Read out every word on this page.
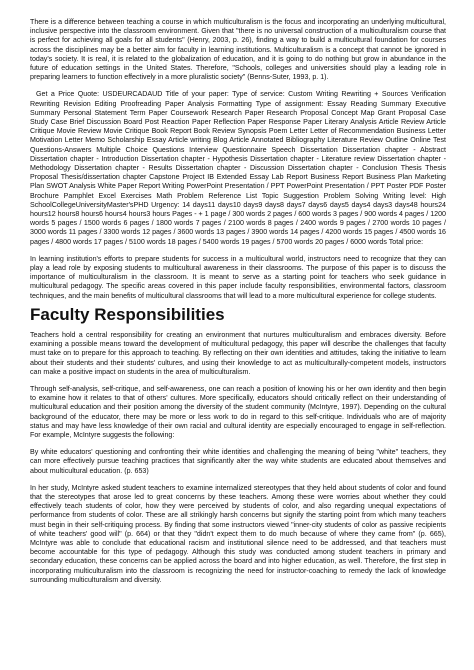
There is a difference between teaching a course in which multiculturalism is the focus and incorporating an underlying multicultural, inclusive perspective into the classroom environment. Given that "there is no universal construction of a multiculturalism course that is perfect for achieving all goals for all students" (Henry, 2003, p. 26), finding a way to build a multicultural foundation for courses across the disciplines may be a better aim for faculty in learning institutions. Multiculturalism is a concept that cannot be ignored in today's society. It is real, it is related to the globalization of education, and it is going to do nothing but grow in abundance in the future of education settings in the United States. Therefore, "Schools, colleges and universities should play a leading role in preparing learners to function effectively in a more pluralistic society" (Benns-Suter, 1993, p. 1).

Get a Price Quote: USDEURCADAUD Title of your paper: Type of service: Custom Writing Rewriting + Sources Verification Rewriting Revision Editing Proofreading Paper Analysis Formatting Type of assignment: Essay Reading Summary Executive Summary Personal Statement Term Paper Coursework Research Paper Research Proposal Concept Map Grant Proposal Case Study Case Brief Discussion Board Post Reaction Paper Reflection Paper Response Paper Literary Analysis Article Review Article Critique Movie Review Movie Critique Book Report Book Review Synopsis Poem Letter Letter of Recommendation Business Letter Motivation Letter Memo Scholarship Essay Article writing Blog Article Annotated Bibliography Literature Review Outline Online Test Questions-Answers Multiple Choice Questions Interview Questionnaire Speech Dissertation Dissertation chapter - Abstract Dissertation chapter - Introduction Dissertation chapter - Hypothesis Dissertation chapter - Literature review Dissertation chapter - Methodology Dissertation chapter - Results Dissertation chapter - Discussion Dissertation chapter - Conclusion Thesis Thesis Proposal Thesis/dissertation chapter Capstone Project IB Extended Essay Lab Report Business Report Business Plan Marketing Plan SWOT Analysis White Paper Report Writing PowerPoint Presentation / PPT PowerPoint Presentation / PPT Poster PDF Poster Brochure Pamphlet Excel Exercises Math Problem Reference List Topic Suggestion Problem Solving Writing level: High SchoolCollegeUniversityMaster'sPHD Urgency: 14 days11 days10 days9 days8 days7 days6 days5 days4 days3 days48 hours24 hours12 hours8 hours6 hours4 hours3 hours Pages - + 1 page / 300 words 2 pages / 600 words 3 pages / 900 words 4 pages / 1200 words 5 pages / 1500 words 6 pages / 1800 words 7 pages / 2100 words 8 pages / 2400 words 9 pages / 2700 words 10 pages / 3000 words 11 pages / 3300 words 12 pages / 3600 words 13 pages / 3900 words 14 pages / 4200 words 15 pages / 4500 words 16 pages / 4800 words 17 pages / 5100 words 18 pages / 5400 words 19 pages / 5700 words 20 pages / 6000 words Total price:

In learning institution's efforts to prepare students for success in a multicultural world, instructors need to recognize that they can play a lead role by exposing students to multicultural awareness in their classrooms. The purpose of this paper is to discuss the importance of multiculturalism in the classroom. It is meant to serve as a starting point for teachers who seek guidance in multicultural pedagogy. The specific areas covered in this paper include faculty responsibilities, environmental factors, classroom techniques, and the main benefits of multicultural classrooms that will lead to a more multicultural experience for college students.

Faculty Responsibilities

Teachers hold a central responsibility for creating an environment that nurtures multiculturalism and embraces diversity. Before examining a possible means toward the development of multicultural pedagogy, this paper will describe the challenges that faculty must take on to prepare for this approach to teaching. By reflecting on their own identities and attitudes, taking the initiative to learn about their students and their students' cultures, and using their knowledge to act as multiculturally-competent models, instructors can make a positive impact on students in the area of multiculturalism.

Through self-analysis, self-critique, and self-awareness, one can reach a position of knowing his or her own identity and then begin to examine how it relates to that of others' cultures. More specifically, educators should critically reflect on their understanding of multicultural education and their position among the diversity of the student community (McIntyre, 1997). Depending on the cultural background of the educator, there may be more or less work to do in regard to this self-critique. Individuals who are of majority status and may have less knowledge of their own racial and cultural identity are especially encouraged to engage in self-reflection. For example, McIntyre suggests the following:

By white educators' questioning and confronting their white identities and challenging the meaning of being "white" teachers, they can more effectively pursue teaching practices that significantly alter the way white students are educated about themselves and about multicultural education. (p. 653)

In her study, McIntyre asked student teachers to examine internalized stereotypes that they held about students of color and found that the stereotypes that arose led to great concerns by these teachers. Among these were worries about whether they could effectively teach students of color, how they were perceived by students of color, and also regarding unequal expectations of performance from students of color. These are all strikingly harsh concerns but signify the starting point from which many teachers must begin in their self-critiquing process. By finding that some instructors viewed "inner-city students of color as passive recipients of white teachers' good will" (p. 664) or that they "didn't expect them to do much because of where they came from" (p. 665), McIntyre was able to conclude that educational racism and institutional silence need to be addressed, and that teachers must become accountable for this type of pedagogy. Although this study was conducted among student teachers in primary and secondary education, these concerns can be applied across the board and into higher education, as well. Therefore, the first step in incorporating multiculturalism into the classroom is recognizing the need for instructor-coaching to remedy the lack of knowledge surrounding multiculturalism and diversity.
